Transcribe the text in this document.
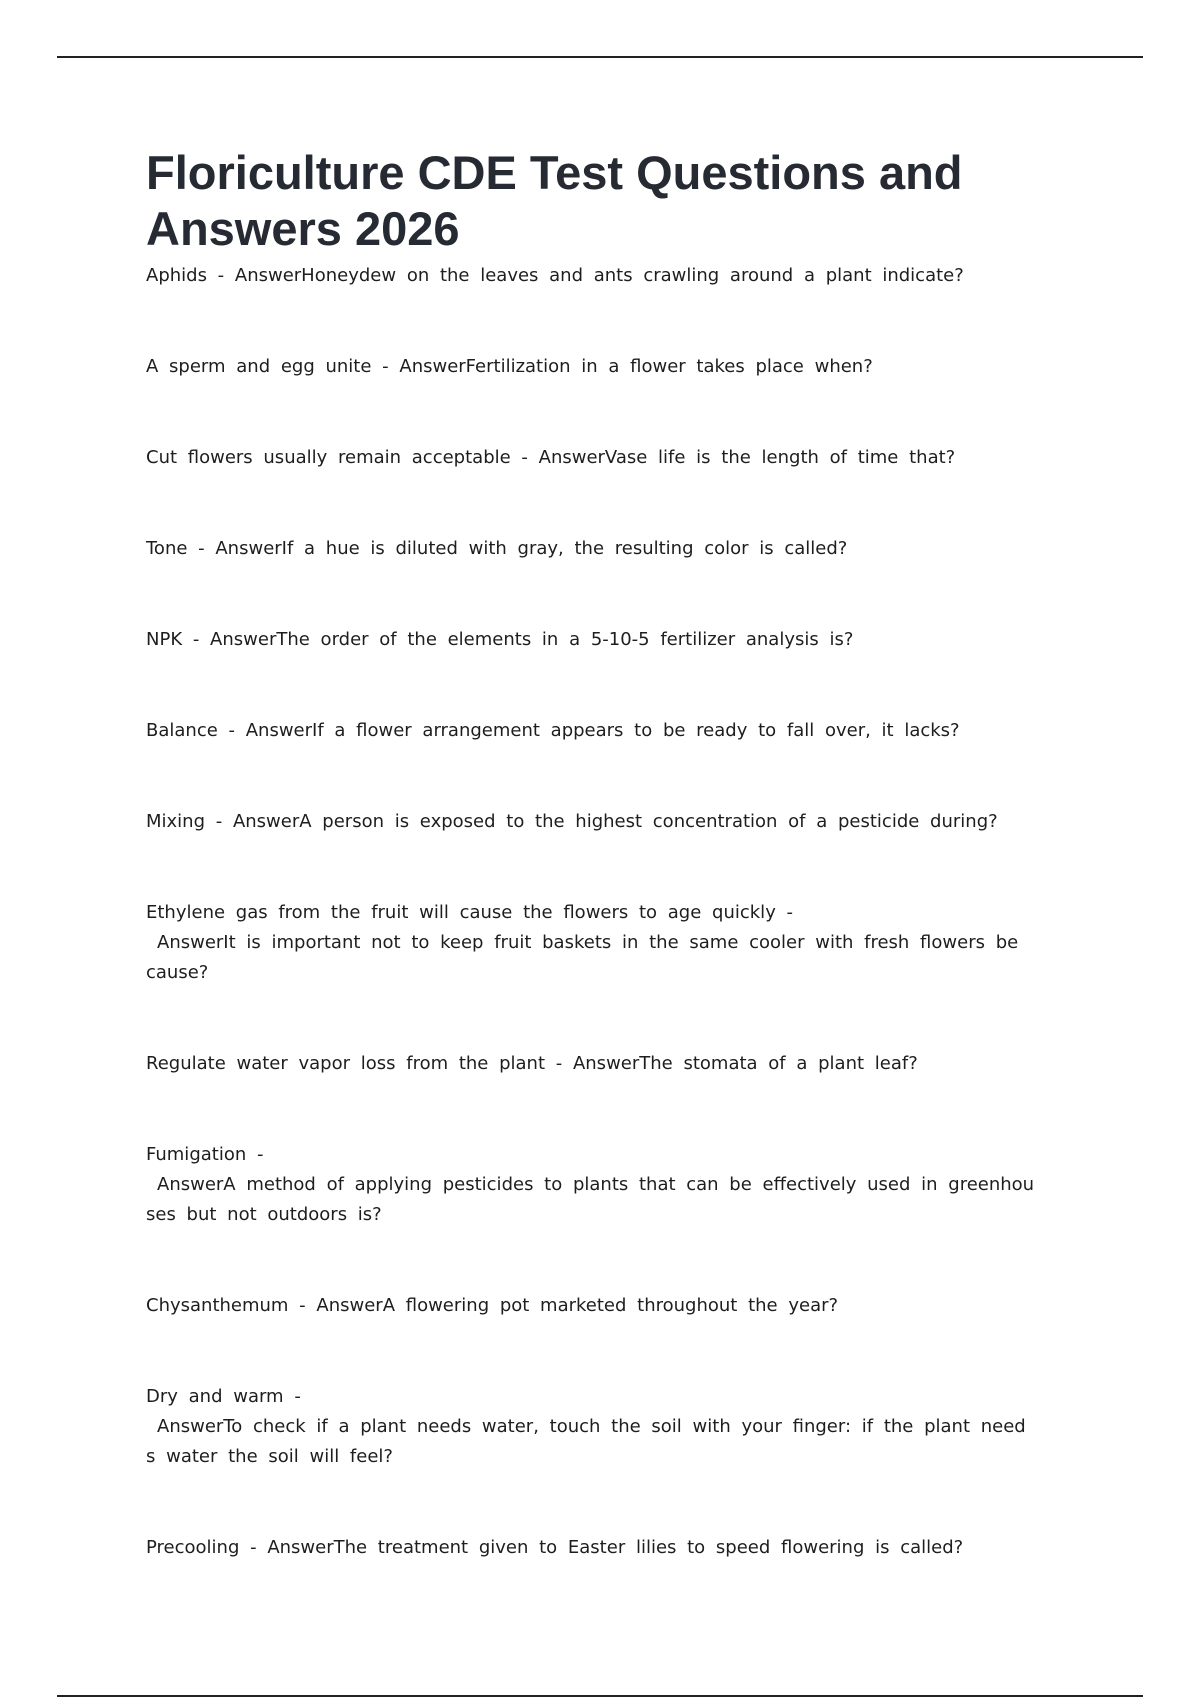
Floriculture CDE Test Questions and Answers 2026
Aphids - AnswerHoneydew on the leaves and ants crawling around a plant indicate?
A sperm and egg unite - AnswerFertilization in a flower takes place when?
Cut flowers usually remain acceptable - AnswerVase life is the length of time that?
Tone - AnswerIf a hue is diluted with gray, the resulting color is called?
NPK - AnswerThe order of the elements in a 5-10-5 fertilizer analysis is?
Balance - AnswerIf a flower arrangement appears to be ready to fall over, it lacks?
Mixing - AnswerA person is exposed to the highest concentration of a pesticide during?
Ethylene gas from the fruit will cause the flowers to age quickly -
AnswerIt is important not to keep fruit baskets in the same cooler with fresh flowers be
cause?
Regulate water vapor loss from the plant - AnswerThe stomata of a plant leaf?
Fumigation -
AnswerA method of applying pesticides to plants that can be effectively used in greenhou
ses but not outdoors is?
Chysanthemum - AnswerA flowering pot marketed throughout the year?
Dry and warm -
AnswerTo check if a plant needs water, touch the soil with your finger: if the plant need
s water the soil will feel?
Precooling - AnswerThe treatment given to Easter lilies to speed flowering is called?
